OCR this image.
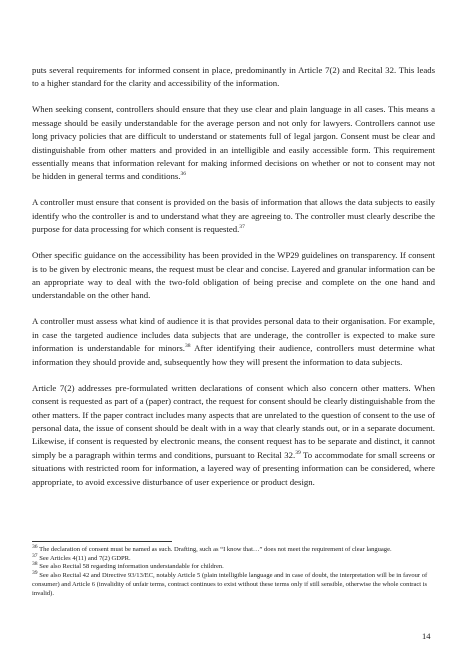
puts several requirements for informed consent in place, predominantly in Article 7(2) and Recital 32. This leads to a higher standard for the clarity and accessibility of the information.

When seeking consent, controllers should ensure that they use clear and plain language in all cases. This means a message should be easily understandable for the average person and not only for lawyers. Controllers cannot use long privacy policies that are difficult to understand or statements full of legal jargon. Consent must be clear and distinguishable from other matters and provided in an intelligible and easily accessible form. This requirement essentially means that information relevant for making informed decisions on whether or not to consent may not be hidden in general terms and conditions.$^{36}$

A controller must ensure that consent is provided on the basis of information that allows the data subjects to easily identify who the controller is and to understand what they are agreeing to. The controller must clearly describe the purpose for data processing for which consent is requested.$^{37}$

Other specific guidance on the accessibility has been provided in the WP29 guidelines on transparency. If consent is to be given by electronic means, the request must be clear and concise. Layered and granular information can be an appropriate way to deal with the two-fold obligation of being precise and complete on the one hand and understandable on the other hand.

A controller must assess what kind of audience it is that provides personal data to their organisation. For example, in case the targeted audience includes data subjects that are underage, the controller is expected to make sure information is understandable for minors.$^{38}$ After identifying their audience, controllers must determine what information they should provide and, subsequently how they will present the information to data subjects.

Article 7(2) addresses pre-formulated written declarations of consent which also concern other matters. When consent is requested as part of a (paper) contract, the request for consent should be clearly distinguishable from the other matters. If the paper contract includes many aspects that are unrelated to the question of consent to the use of personal data, the issue of consent should be dealt with in a way that clearly stands out, or in a separate document. Likewise, if consent is requested by electronic means, the consent request has to be separate and distinct, it cannot simply be a paragraph within terms and conditions, pursuant to Recital 32.39 To accommodate for small screens or situations with restricted room for information, a layered way of presenting information can be considered, where appropriate, to avoid excessive disturbance of user experience or product design.

$^{36}$ The declaration of consent must be named as such. Drafting, such as “I know that…” does not meet the requirement of clear language.

$^{37}$ See Articles 4(11) and 7(2) GDPR.

$^{38}$ See also Recital 58 regarding information understandable for children.

$^{39}$ See also Recital 42 and Directive 93/13/EC, notably Article 5 (plain intelligible language and in case of doubt, the interpretation will be in favour of consumer) and Article 6 (invalidity of unfair terms, contract continues to exist without these terms only if still sensible, otherwise the whole contract is invalid).

14
